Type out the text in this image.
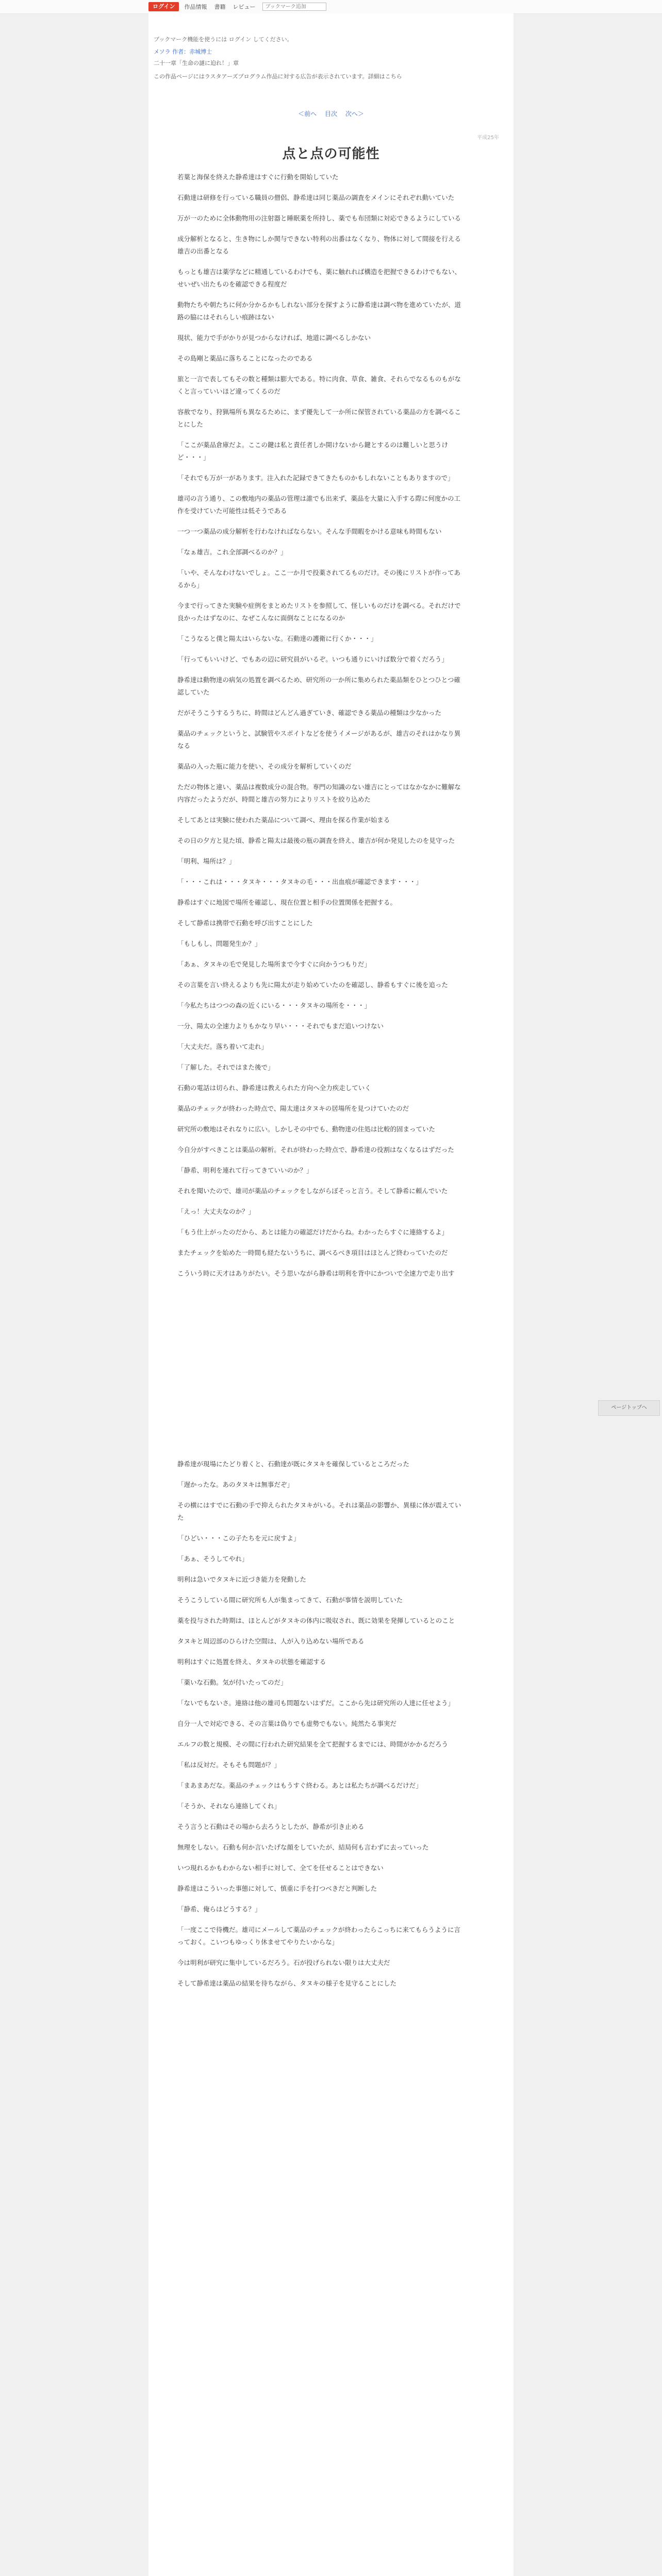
ログイン	作品情報 書籍 レビュー
ブックマーク追加
ブックマーク機能を使うには ログイン してください。
メソラ 作者：赤城博士
二十一章「生命の謎に迫れ！」章
この作品ページにはラスタアーズプログラム作品に対する広告が表示されています。詳細はこちら
＜前へ 目次 次へ＞
平成25年
点と点の可能性

若葉と海保を終えた静希達はすぐに行動を開始していた

石動達は研修を行っている職員の僧侶、静希達は同じ薬品の調査をメインにそれぞれ動いていた

万が一のために全体動物用の注射器と睡眠薬を所持し、薬でも布団類に対応できるようにしている

成分解析となると、生き物にしか関与できない特利の出番はなくなり、物体に対して間接を行える雄吉の出番となる

もっとも雄吉は薬学などに精通しているわけでも、薬に触れれば構造を把握できるわけでもない、せいぜい出たものを確認できる程度だ

動物たちや朝たちに何か分かるかもしれない部分を探すように静希達は調べ物を進めていたが、道路の脇にはそれらしい痕跡はない

現状、能力で手がかりが見つからなければ、地道に調べるしかない

その島剛と薬品に落ちることになったのである

旅と一言で表してもその数と種類は膨大である。特に肉食、草食、雑食、それらでなるものもがなくと言っていいほど違ってくるのだ

容赦でなり、狩猟場所も異なるために、まず優先して一か所に保管されている薬品の方を調べることにした

「ここが薬品倉庫だよ。ここの鍵は私と責任者しか開けないから鍵とするのは難しいと思うけど・・・」

「それでも万が一があります。注入れた記録できてきたものかもしれないこともありますので」

雄司の言う通り、この敷地内の薬品の管理は誰でも出来ず、薬品を大量に入手する際に何度かの工作を受けていた可能性は低そうである

一つ一つ薬品の成分解析を行わなければならない。そんな手間暇をかける意味も時間もない

「なぁ雄吉。これ全部調べるのか？」

「いや、そんなわけないでしょ。ここ一か月で投薬されてるものだけ。その後にリストが作ってあるから」

今まで行ってきた実験や症例をまとめたリストを参照して、怪しいものだけを調べる。それだけで良かったはずなのに、なぜこんなに面倒なことになるのか

「こうなると僕と陽太はいらないな。石動達の護衛に行くか・・・」

「行ってもいいけど、でもあの辺に研究員がいるぞ。いつも通りにいけば数分で着くだろう」

静希達は動物達の病気の処置を調べるため、研究所の一か所に集められた薬品類をひとつひとつ確認していた

だがそうこうするうちに、時間はどんどん過ぎていき、確認できる薬品の種類は少なかった

薬品のチェックというと、試験管やスポイトなどを使うイメージがあるが、雄吉のそれはかなり異なる

薬品の入った瓶に能力を使い、その成分を解析していくのだ

ただの物体と違い、薬品は複数成分の混合物。専門の知識のない雄吉にとってはなかなかに難解な内容だったようだが、時間と雄吉の努力によりリストを絞り込めた

そしてあとは実験に使われた薬品について調べ、理由を探る作業が始まる

その日の夕方と見た頃、静希と陽太は最後の瓶の調査を終え、雄吉が何か発見したのを見守った

「明利、場所は？」

「・・・これは・・・タヌキ・・・タヌキの毛・・・出血痕が確認できます・・・」

静希はすぐに地図で場所を確認し、現在位置と相手の位置関係を把握する。

そして静希は携帯で石動を呼び出すことにした

「もしもし、問題発生か？」

「あぁ、タヌキの毛で発見した場所まで今すぐに向かうつもりだ」

その言葉を言い終えるよりも先に陽太が走り始めていたのを確認し、静希もすぐに後を追った

「今私たちはつつの森の近くにいる・・・タヌキの場所を・・・」

一分、陽太の全速力よりもかなり早い・・・それでもまだ追いつけない

「大丈夫だ。落ち着いて走れ」

「了解した。それではまた後で」

石動の電話は切られ、静希達は教えられた方向へ全力疾走していく

薬品のチェックが終わった時点で、陽太達はタヌキの居場所を見つけていたのだ

研究所の敷地はそれなりに広い。しかしその中でも、動物達の住処は比較的固まっていた

今自分がすべきことは薬品の解析。それが終わった時点で、静希達の役割はなくなるはずだった

「静希、明利を連れて行ってきていいのか？」

それを聞いたので、雄司が薬品のチェックをしながらぼそっと言う。そして静希に頼んでいた

「えっ！大丈夫なのか？」

「もう仕上がったのだから、あとは能力の確認だけだからね。わかったらすぐに連絡するよ」

またチェックを始めた一時間も経たないうちに、調べるべき項目はほとんど終わっていたのだ

こういう時に天才はありがたい。そう思いながら静希は明利を背中にかついで全速力で走り出す

静希達が現場にたどり着くと、石動達が既にタヌキを確保しているところだった

「遅かったな。あのタヌキは無事だぞ」

その横にはすでに石動の手で抑えられたタヌキがいる。それは薬品の影響か、異様に体が震えていた

「ひどい・・・この子たちを元に戻すよ」

「あぁ、そうしてやれ」

明利は急いでタヌキに近づき能力を発動した

そうこうしている間に研究所も人が集まってきて、石動が事情を説明していた

薬を投与された時期は、ほとんどがタヌキの体内に吸収され、既に効果を発揮しているとのこと

タヌキと周辺部のひらけた空間は、人が入り込めない場所である

明利はすぐに処置を終え、タヌキの状態を確認する

「薬いな石動。気が付いたってのだ」

「ないでもないさ。連絡は他の雄司も問題ないはずだ。ここから先は研究所の人達に任せよう」

自分一人で対応できる、その言葉は偽りでも虚勢でもない。純然たる事実だ

エルフの数と規模、その間に行われた研究結果を全て把握するまでには、時間がかかるだろう

「私は反対だ。そもそも問題が？」

「まあまあだな。薬品のチェックはもうすぐ終わる。あとは私たちが調べるだけだ」

「そうか、それなら連絡してくれ」

そう言うと石動はその場から去ろうとしたが、静希が引き止める

無理をしない。石動も何か言いたげな顔をしていたが、結局何も言わずに去っていった

いつ現れるかもわからない相手に対して、全てを任せることはできない

静希達はこういった事態に対して、慎重に手を打つべきだと判断した

「静希、俺らはどうする？」

「一度ここで待機だ。雄司にメールして薬品のチェックが終わったらこっちに来てもらうように言っておく。こいつもゆっくり休ませてやりたいからな」

今は明利が研究に集中しているだろう。石が投げられない限りは大丈夫だ

そして静希達は薬品の結果を待ちながら、タヌキの様子を見守ることにした

ページトップへ
